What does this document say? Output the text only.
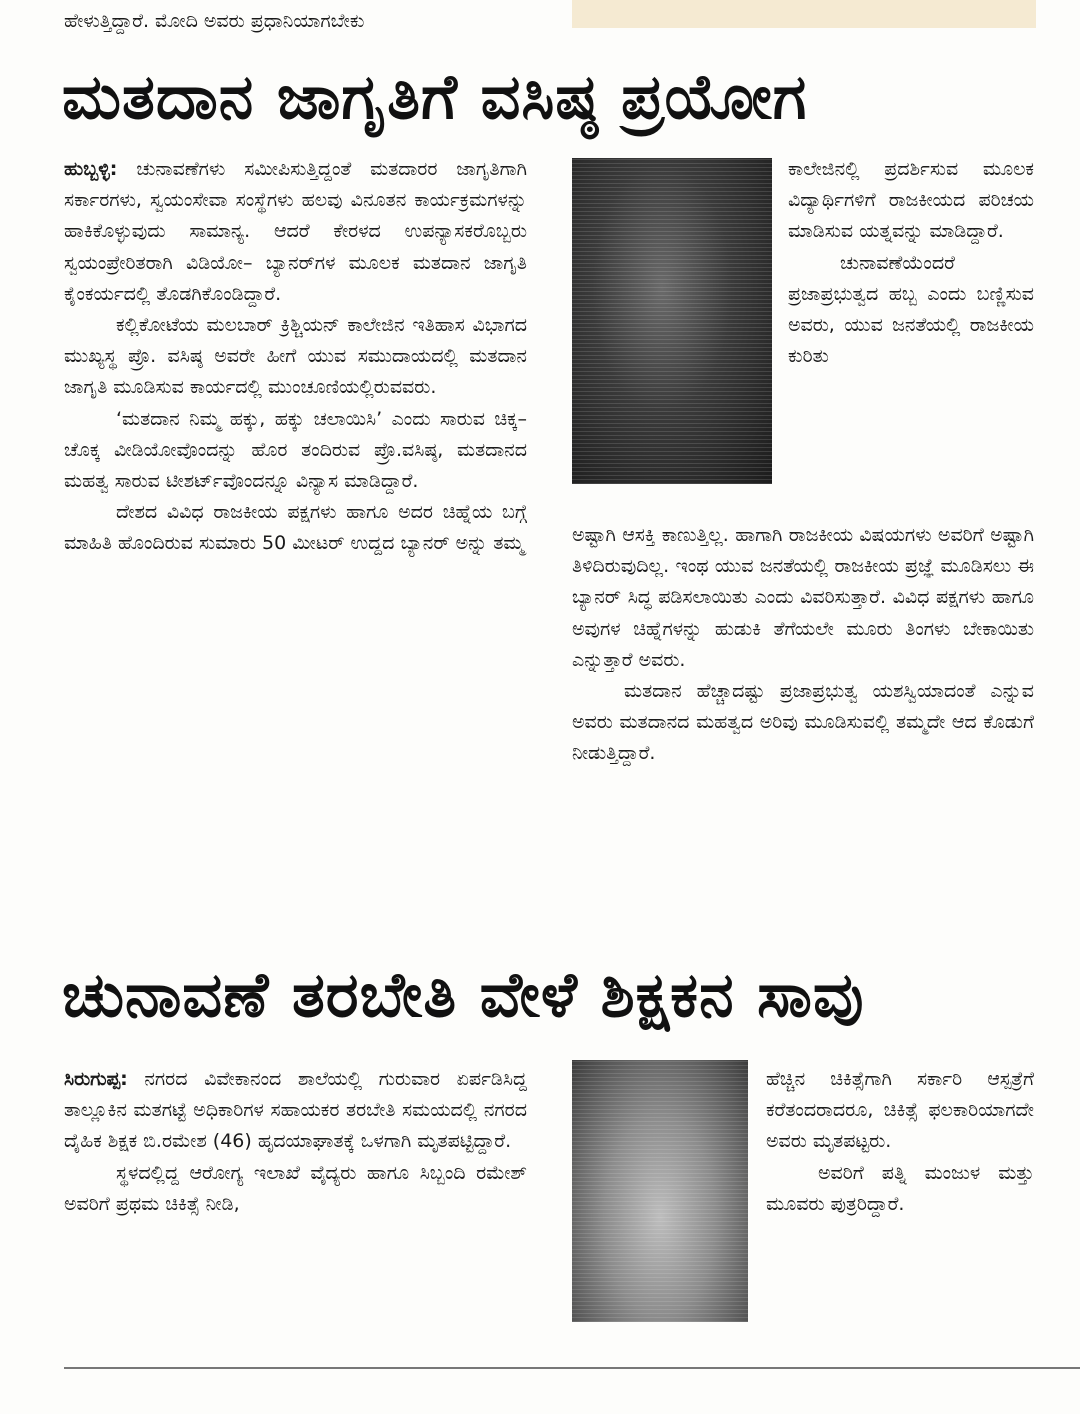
ಹೇಳುತ್ತಿದ್ದಾರೆ. ಮೋದಿ ಅವರು ಪ್ರಧಾನಿಯಾಗಬೇಕು
ಮತದಾನ ಜಾಗೃತಿಗೆ ವಸಿಷ್ಠ ಪ್ರಯೋಗ

ಹುಬ್ಬಳ್ಳಿ: ಚುನಾವಣೆಗಳು ಸಮೀಪಿಸುತ್ತಿದ್ದಂತೆ ಮತದಾರರ ಜಾಗೃತಿಗಾಗಿ ಸರ್ಕಾರಗಳು, ಸ್ವಯಂಸೇವಾ ಸಂಸ್ಥೆಗಳು ಹಲವು ವಿನೂತನ ಕಾರ್ಯಕ್ರಮಗಳನ್ನು ಹಾಕಿಕೊಳ್ಳುವುದು ಸಾಮಾನ್ಯ. ಆದರೆ ಕೇರಳದ ಉಪನ್ಯಾಸಕರೊಬ್ಬರು ಸ್ವಯಂಪ್ರೇರಿತರಾಗಿ ವಿಡಿಯೋ– ಬ್ಯಾನರ್‌ಗಳ ಮೂಲಕ ಮತದಾನ ಜಾಗೃತಿ ಕೈಂಕರ್ಯದಲ್ಲಿ ತೊಡಗಿಕೊಂಡಿದ್ದಾರೆ.

ಕಲ್ಲಿಕೋಟೆಯ ಮಲಬಾರ್ ಕ್ರಿಶ್ಚಿಯನ್ ಕಾಲೇಜಿನ ಇತಿಹಾಸ ವಿಭಾಗದ ಮುಖ್ಯಸ್ಥ ಪ್ರೊ. ವಸಿಷ್ಠ ಅವರೇ ಹೀಗೆ ಯುವ ಸಮುದಾಯದಲ್ಲಿ ಮತದಾನ ಜಾಗೃತಿ ಮೂಡಿಸುವ ಕಾರ್ಯದಲ್ಲಿ ಮುಂಚೂಣಿಯಲ್ಲಿರುವವರು.

‘ಮತದಾನ ನಿಮ್ಮ ಹಕ್ಕು, ಹಕ್ಕು ಚಲಾಯಿಸಿ’ ಎಂದು ಸಾರುವ ಚಿಕ್ಕ–ಚೊಕ್ಕ ವೀಡಿಯೋವೊಂದನ್ನು ಹೊರ ತಂದಿರುವ ಪ್ರೊ.ವಸಿಷ್ಠ, ಮತದಾನದ ಮಹತ್ವ ಸಾರುವ ಟೀಶರ್ಟ್‌ವೊಂದನ್ನೂ ವಿನ್ಯಾಸ ಮಾಡಿದ್ದಾರೆ.

ದೇಶದ ವಿವಿಧ ರಾಜಕೀಯ ಪಕ್ಷಗಳು ಹಾಗೂ ಅದರ ಚಿಹ್ನೆಯ ಬಗ್ಗೆ ಮಾಹಿತಿ ಹೊಂದಿರುವ ಸುಮಾರು 50 ಮೀಟರ್ ಉದ್ದದ ಬ್ಯಾನರ್ ಅನ್ನು ತಮ್ಮ

ಕಾಲೇಜಿನಲ್ಲಿ ಪ್ರದರ್ಶಿಸುವ ಮೂಲಕ ವಿದ್ಯಾರ್ಥಿಗಳಿಗೆ ರಾಜಕೀಯದ ಪರಿಚಯ ಮಾಡಿಸುವ ಯತ್ನವನ್ನು ಮಾಡಿದ್ದಾರೆ.

ಚುನಾವಣೆಯೆಂದರೆ ಪ್ರಜಾಪ್ರಭುತ್ವದ ಹಬ್ಬ ಎಂದು ಬಣ್ಣಿಸುವ ಅವರು, ಯುವ ಜನತೆಯಲ್ಲಿ ರಾಜಕೀಯ ಕುರಿತು

ಅಷ್ಟಾಗಿ ಆಸಕ್ತಿ ಕಾಣುತ್ತಿಲ್ಲ. ಹಾಗಾಗಿ ರಾಜಕೀಯ ವಿಷಯಗಳು ಅವರಿಗೆ ಅಷ್ಟಾಗಿ ತಿಳಿದಿರುವುದಿಲ್ಲ. ಇಂಥ ಯುವ ಜನತೆಯಲ್ಲಿ ರಾಜಕೀಯ ಪ್ರಜ್ಞೆ ಮೂಡಿಸಲು ಈ ಬ್ಯಾನರ್ ಸಿದ್ಧ ಪಡಿಸಲಾಯಿತು ಎಂದು ವಿವರಿಸುತ್ತಾರೆ. ವಿವಿಧ ಪಕ್ಷಗಳು ಹಾಗೂ ಅವುಗಳ ಚಿಹ್ನೆಗಳನ್ನು ಹುಡುಕಿ ತೆಗೆಯಲೇ ಮೂರು ತಿಂಗಳು ಬೇಕಾಯಿತು ಎನ್ನುತ್ತಾರೆ ಅವರು.

ಮತದಾನ ಹೆಚ್ಚಾದಷ್ಟು ಪ್ರಜಾಪ್ರಭುತ್ವ ಯಶಸ್ವಿಯಾದಂತೆ ಎನ್ನುವ ಅವರು ಮತದಾನದ ಮಹತ್ವದ ಅರಿವು ಮೂಡಿಸುವಲ್ಲಿ ತಮ್ಮದೇ ಆದ ಕೊಡುಗೆ ನೀಡುತ್ತಿದ್ದಾರೆ.

ಚುನಾವಣೆ ತರಬೇತಿ ವೇಳೆ ಶಿಕ್ಷಕನ ಸಾವು

ಸಿರುಗುಪ್ಪ: ನಗರದ ವಿವೇಕಾನಂದ ಶಾಲೆಯಲ್ಲಿ ಗುರುವಾರ ಏರ್ಪಡಿಸಿದ್ದ ತಾಲ್ಲೂಕಿನ ಮತಗಟ್ಟೆ ಅಧಿಕಾರಿಗಳ ಸಹಾಯಕರ ತರಬೇತಿ ಸಮಯದಲ್ಲಿ ನಗರದ ದೈಹಿಕ ಶಿಕ್ಷಕ ಬಿ.ರಮೇಶ (46) ಹೃದಯಾಘಾತಕ್ಕೆ ಒಳಗಾಗಿ ಮೃತಪಟ್ಟಿದ್ದಾರೆ.

ಸ್ಥಳದಲ್ಲಿದ್ದ ಆರೋಗ್ಯ ಇಲಾಖೆ ವೈದ್ಯರು ಹಾಗೂ ಸಿಬ್ಬಂದಿ ರಮೇಶ್ ಅವರಿಗೆ ಪ್ರಥಮ ಚಿಕಿತ್ಸೆ ನೀಡಿ,

ಹೆಚ್ಚಿನ ಚಿಕಿತ್ಸೆಗಾಗಿ ಸರ್ಕಾರಿ ಆಸ್ಪತ್ರೆಗೆ ಕರೆತಂದರಾದರೂ, ಚಿಕಿತ್ಸೆ ಫಲಕಾರಿಯಾಗದೇ ಅವರು ಮೃತಪಟ್ಟರು.

ಅವರಿಗೆ ಪತ್ನಿ ಮಂಜುಳ ಮತ್ತು ಮೂವರು ಪುತ್ರರಿದ್ದಾರೆ.
